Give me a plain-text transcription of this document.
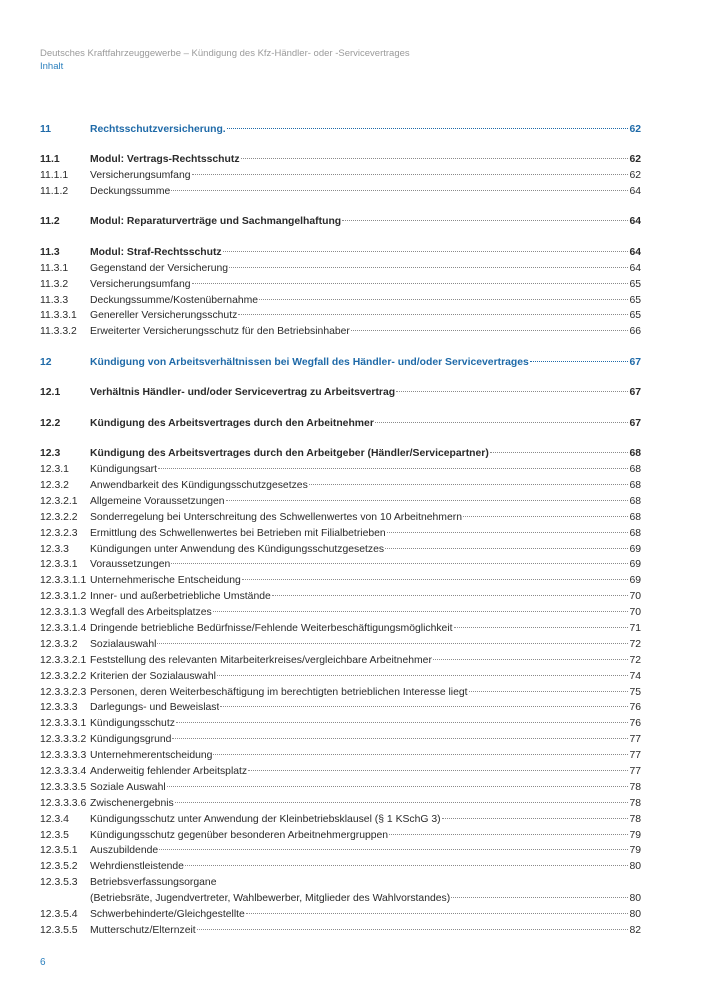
Deutsches Kraftfahrzeuggewerbe – Kündigung des Kfz-Händler- oder -Servicevertrages
Inhalt
11	Rechtsschutzversicherung.	62
11.1	Modul: Vertrags-Rechtsschutz	62
11.1.1	Versicherungsumfang	62
11.1.2	Deckungssumme	64
11.2	Modul: Reparaturverträge und Sachmangelhaftung	64
11.3	Modul: Straf-Rechtsschutz	64
11.3.1	Gegenstand der Versicherung	64
11.3.2	Versicherungsumfang	65
11.3.3	Deckungssumme/Kostenübernahme	65
11.3.3.1	Genereller Versicherungsschutz	65
11.3.3.2	Erweiterter Versicherungsschutz für den Betriebsinhaber	66
12	Kündigung von Arbeitsverhältnissen bei Wegfall des Händler- und/oder Servicevertrages	67
12.1	Verhältnis Händler- und/oder Servicevertrag zu Arbeitsvertrag	67
12.2	Kündigung des Arbeitsvertrages durch den Arbeitnehmer	67
12.3	Kündigung des Arbeitsvertrages durch den Arbeitgeber (Händler/Servicepartner)	68
12.3.1	Kündigungsart	68
12.3.2	Anwendbarkeit des Kündigungsschutzgesetzes	68
12.3.2.1	Allgemeine Voraussetzungen	68
12.3.2.2	Sonderregelung bei Unterschreitung des Schwellenwertes von 10 Arbeitnehmern	68
12.3.2.3	Ermittlung des Schwellenwertes bei Betrieben mit Filialbetrieben	68
12.3.3	Kündigungen unter Anwendung des Kündigungsschutzgesetzes	69
12.3.3.1	Voraussetzungen	69
12.3.3.1.1 Unternehmerische Entscheidung	69
12.3.3.1.2 Inner- und außerbetriebliche Umstände	70
12.3.3.1.3 Wegfall des Arbeitsplatzes	70
12.3.3.1.4 Dringende betriebliche Bedürfnisse/Fehlende Weiterbeschäftigungsmöglichkeit	71
12.3.3.2	Sozialauswahl	72
12.3.3.2.1 Feststellung des relevanten Mitarbeiterkreises/vergleichbare Arbeitnehmer	72
12.3.3.2.2 Kriterien der Sozialauswahl	74
12.3.3.2.3 Personen, deren Weiterbeschäftigung im berechtigten betrieblichen Interesse liegt	75
12.3.3.3	Darlegungs- und Beweislast	76
12.3.3.3.1 Kündigungsschutz	76
12.3.3.3.2 Kündigungsgrund	77
12.3.3.3.3 Unternehmerentscheidung	77
12.3.3.3.4 Anderweitig fehlender Arbeitsplatz	77
12.3.3.3.5 Soziale Auswahl	78
12.3.3.3.6 Zwischenergebnis	78
12.3.4	Kündigungsschutz unter Anwendung der Kleinbetriebsklausel (§ 1 KSchG 3)	78
12.3.5	Kündigungsschutz gegenüber besonderen Arbeitnehmergruppen	79
12.3.5.1	Auszubildende	79
12.3.5.2	Wehrdienstleistende	80
12.3.5.3	Betriebsverfassungsorgane
(Betriebsräte, Jugendvertreter, Wahlbewerber, Mitglieder des Wahlvorstandes)	80
12.3.5.4	Schwerbehinderte/Gleichgestellte	80
12.3.5.5	Mutterschutz/Elternzeit	82
6
